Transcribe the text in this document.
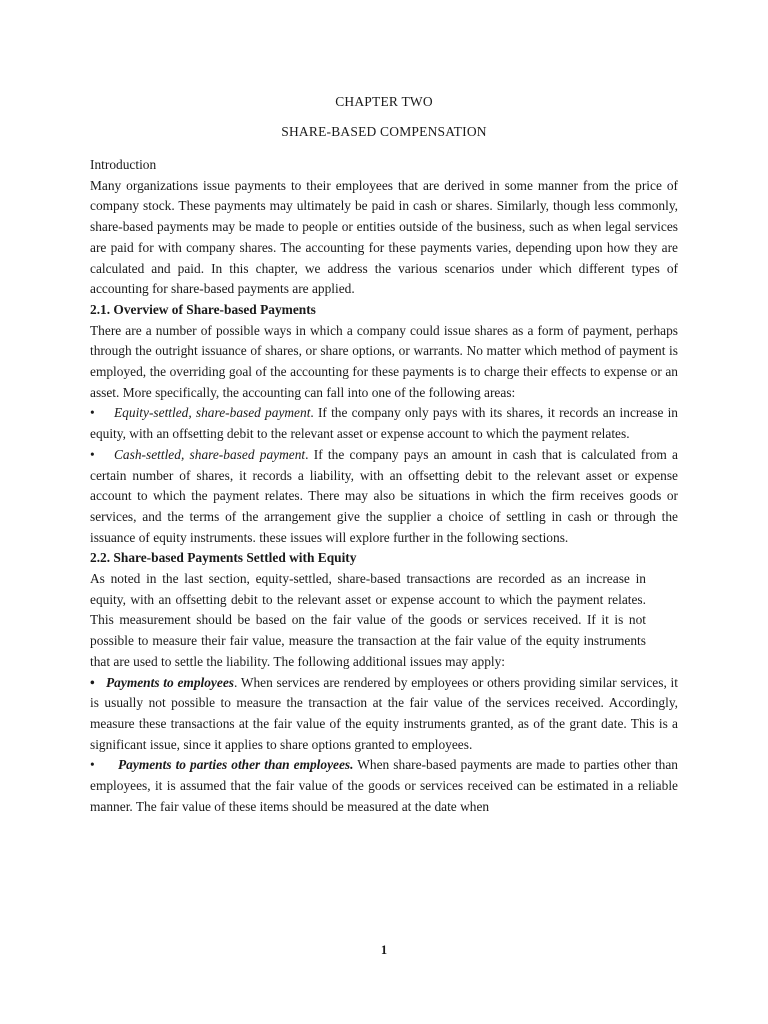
CHAPTER TWO
SHARE-BASED COMPENSATION

Introduction

Many organizations issue payments to their employees that are derived in some manner from the price of company stock. These payments may ultimately be paid in cash or shares. Similarly, though less commonly, share-based payments may be made to people or entities outside of the business, such as when legal services are paid for with company shares. The accounting for these payments varies, depending upon how they are calculated and paid. In this chapter, we address the various scenarios under which different types of accounting for share-based payments are applied.

2.1. Overview of Share-based Payments

There are a number of possible ways in which a company could issue shares as a form of payment, perhaps through the outright issuance of shares, or share options, or warrants. No matter which method of payment is employed, the overriding goal of the accounting for these payments is to charge their effects to expense or an asset. More specifically, the accounting can fall into one of the following areas:

• Equity-settled, share-based payment. If the company only pays with its shares, it records an increase in equity, with an offsetting debit to the relevant asset or expense account to which the payment relates.

• Cash-settled, share-based payment. If the company pays an amount in cash that is calculated from a certain number of shares, it records a liability, with an offsetting debit to the relevant asset or expense account to which the payment relates. There may also be situations in which the firm receives goods or services, and the terms of the arrangement give the supplier a choice of settling in cash or through the issuance of equity instruments. these issues will explore further in the following sections.

2.2. Share-based Payments Settled with Equity

As noted in the last section, equity-settled, share-based transactions are recorded as an increase in equity, with an offsetting debit to the relevant asset or expense account to which the payment relates. This measurement should be based on the fair value of the goods or services received. If it is not possible to measure their fair value, measure the transaction at the fair value of the equity instruments that are used to settle the liability. The following additional issues may apply:

• Payments to employees. When services are rendered by employees or others providing similar services, it is usually not possible to measure the transaction at the fair value of the services received. Accordingly, measure these transactions at the fair value of the equity instruments granted, as of the grant date. This is a significant issue, since it applies to share options granted to employees.

• Payments to parties other than employees. When share-based payments are made to parties other than employees, it is assumed that the fair value of the goods or services received can be estimated in a reliable manner. The fair value of these items should be measured at the date when

1
